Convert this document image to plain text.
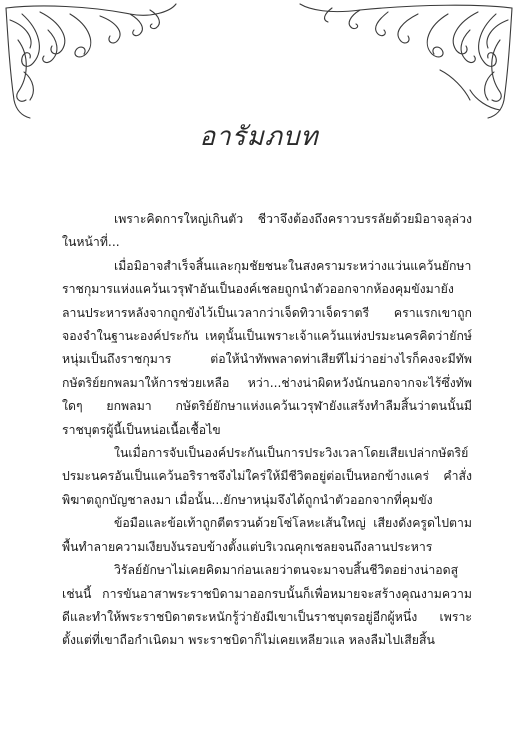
อารัมภบท

เพราะคิดการใหญ่เกินตัว ชีวาจึงต้องถึงคราวบรรลัยด้วยมิอาจลุล่วงในหน้าที่...

เมื่อมิอาจสำเร็จสิ้นและกุมชัยชนะในสงครามระหว่างแว่นแคว้นยักษาราชกุมารแห่งแคว้นเวรุฬาอันเป็นองค์เชลยถูกนำตัวออกจากห้องคุมขังมายังลานประหารหลังจากถูกขังไว้เป็นเวลากว่าเจ็ดทิวาเจ็ดราตรี คราแรกเขาถูกจองจำในฐานะองค์ประกัน เหตุนั้นเป็นเพราะเจ้าแคว้นแห่งปรมะนครคิดว่ายักษ์หนุ่มเป็นถึงราชกุมาร ต่อให้นำทัพพลาดท่าเสียทีไม่ว่าอย่างไรก็คงจะมีทัพกษัตริย์ยกพลมาให้การช่วยเหลือ หว่า...ช่างน่าผิดหวังนักนอกจากจะไร้ซึ่งทัพใดๆ ยกพลมา กษัตริย์ยักษาแห่งแคว้นเวรุฬายังแสร้งทำลืมสิ้นว่าตนนั้นมีราชบุตรผู้นี้เป็นหน่อเนื้อเชื้อไข

ในเมื่อการจับเป็นองค์ประกันเป็นการประวิงเวลาโดยเสียเปล่ากษัตริย์ปรมะนครอันเป็นแคว้นอริราชจึงไม่ใคร่ให้มีชีวิตอยู่ต่อเป็นหอกข้างแคร่ คำสั่งพิฆาตถูกบัญชาลงมา เมื่อนั้น...ยักษาหนุ่มจึงได้ถูกนำตัวออกจากที่คุมขัง

ข้อมือและข้อเท้าถูกตีตรวนด้วยโซ่โลหะเส้นใหญ่ เสียงดังครูดไปตามพื้นทำลายความเงียบงันรอบข้างตั้งแต่บริเวณคุกเชลยจนถึงลานประหาร

วิรัลย์ยักษาไม่เคยคิดมาก่อนเลยว่าตนจะมาจบสิ้นชีวิตอย่างน่าอดสูเช่นนี้ การขันอาสาพระราชบิดามาออกรบนั้นก็เพื่อหมายจะสร้างคุณงามความดีและทำให้พระราชบิดาตระหนักรู้ว่ายังมีเขาเป็นราชบุตรอยู่อีกผู้หนึ่ง เพราะตั้งแต่ที่เขาถือกำเนิดมา พระราชบิดาก็ไม่เคยเหลียวแล หลงลืมไปเสียสิ้น
